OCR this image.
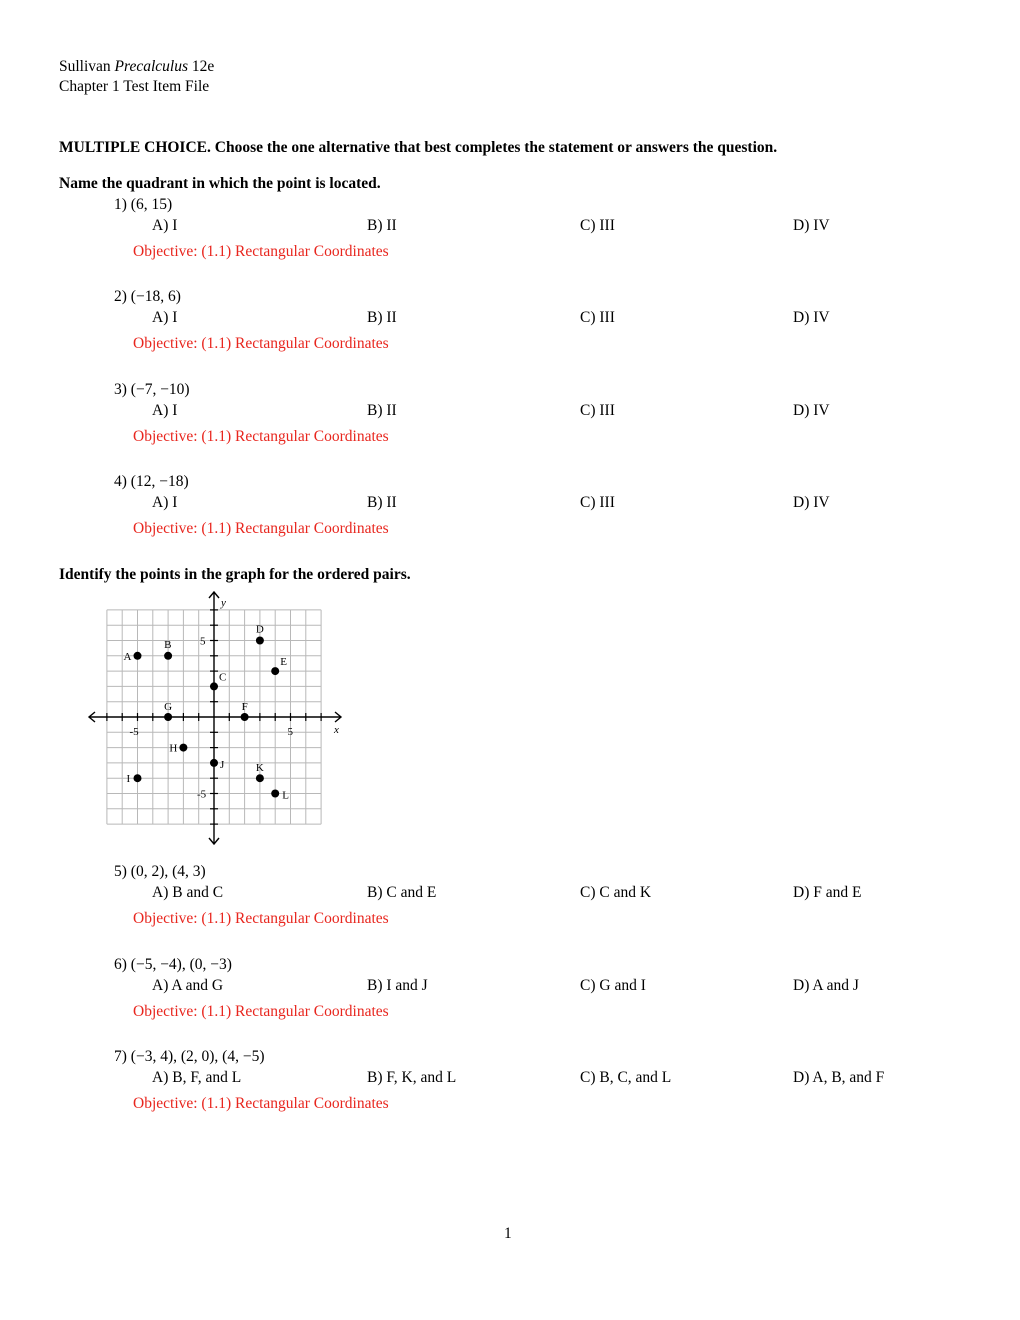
Sullivan Precalculus 12e
Chapter 1 Test Item File
MULTIPLE CHOICE. Choose the one alternative that best completes the statement or answers the question.
Name the quadrant in which the point is located.
1) (6, 15)
A) I	B) II	C) III	D) IV
Objective: (1.1) Rectangular Coordinates
2) (−18, 6)
A) I	B) II	C) III	D) IV
Objective: (1.1) Rectangular Coordinates
3) (−7, −10)
A) I	B) II	C) III	D) IV
Objective: (1.1) Rectangular Coordinates
4) (12, −18)
A) I	B) II	C) III	D) IV
Objective: (1.1) Rectangular Coordinates
Identify the points in the graph for the ordered pairs.
x
y
-5	5
5
-5
A
B
C
D
E
F
G
H
I
J	K
L
5) (0, 2), (4, 3)
A) B and C	B) C and E	C) C and K	D) F and E
Objective: (1.1) Rectangular Coordinates
6) (−5, −4), (0, −3)
A) A and G	B) I and J	C) G and I	D) A and J
Objective: (1.1) Rectangular Coordinates
7) (−3, 4), (2, 0), (4, −5)
A) B, F, and L	B) F, K, and L	C) B, C, and L	D) A, B, and F
Objective: (1.1) Rectangular Coordinates
1
